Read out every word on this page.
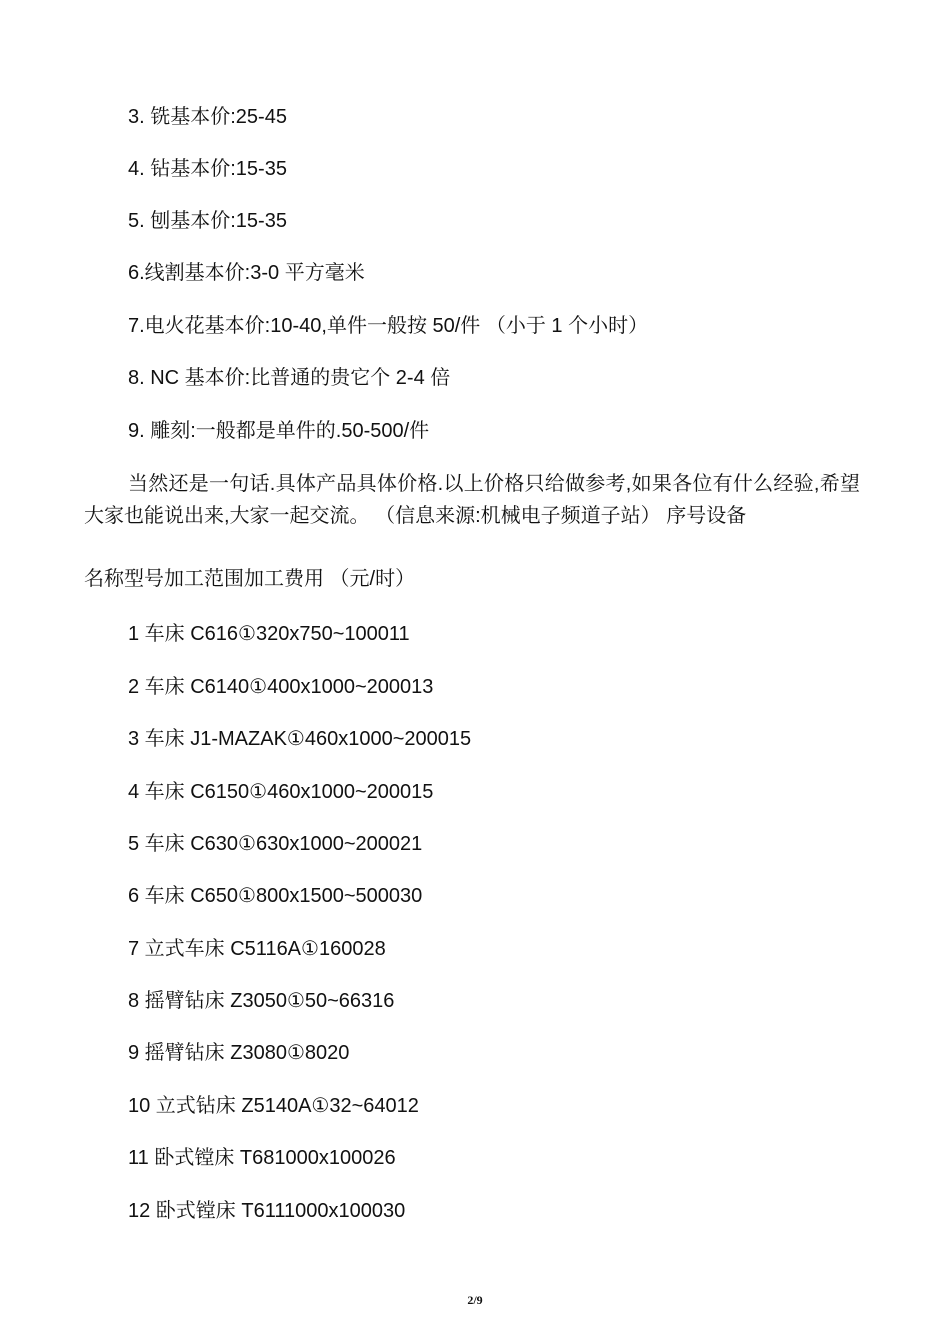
3. 铣基本价:25-45
4. 钻基本价:15-35
5. 刨基本价:15-35
6.线割基本价:3-0 平方毫米
7.电火花基本价:10-40,单件一般按 50/件 （小于 1 个小时）
8. NC 基本价:比普通的贵它个 2-4 倍
9. 雕刻:一般都是单件的.50-500/件
当然还是一句话.具体产品具体价格.以上价格只给做参考,如果各位有什么经验,希望大家也能说出来,大家一起交流。 （信息来源:机械电子频道子站） 序号设备
名称型号加工范围加工费用 （元/时）
1 车床 C616①320x750~100011
2 车床 C6140①400x1000~200013
3 车床 J1-MAZAK①460x1000~200015
4 车床 C6150①460x1000~200015
5 车床 C630①630x1000~200021
6 车床 C650①800x1500~500030
7 立式车床 C5116A①160028
8 摇臂钻床 Z3050①50~66316
9 摇臂钻床 Z3080①8020
10 立式钻床 Z5140A①32~64012
11 卧式镗床 T681000x100026
12 卧式镗床 T6111000x100030
2/9
